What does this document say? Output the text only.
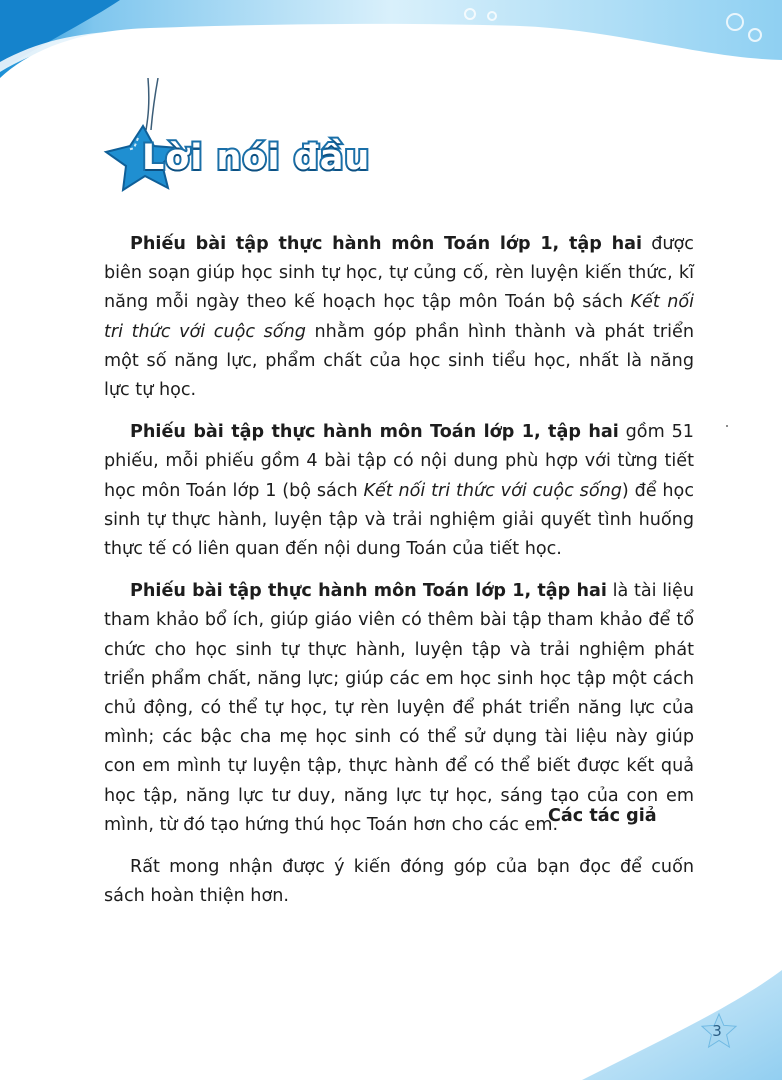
Lời nói đầu

Phiếu bài tập thực hành môn Toán lớp 1, tập hai được biên soạn giúp học sinh tự học, tự củng cố, rèn luyện kiến thức, kĩ năng mỗi ngày theo kế hoạch học tập môn Toán bộ sách Kết nối tri thức với cuộc sống nhằm góp phần hình thành và phát triển một số năng lực, phẩm chất của học sinh tiểu học, nhất là năng lực tự học.

Phiếu bài tập thực hành môn Toán lớp 1, tập hai gồm 51 phiếu, mỗi phiếu gồm 4 bài tập có nội dung phù hợp với từng tiết học môn Toán lớp 1 (bộ sách Kết nối tri thức với cuộc sống) để học sinh tự thực hành, luyện tập và trải nghiệm giải quyết tình huống thực tế có liên quan đến nội dung Toán của tiết học.

Phiếu bài tập thực hành môn Toán lớp 1, tập hai là tài liệu tham khảo bổ ích, giúp giáo viên có thêm bài tập tham khảo để tổ chức cho học sinh tự thực hành, luyện tập và trải nghiệm phát triển phẩm chất, năng lực; giúp các em học sinh học tập một cách chủ động, có thể tự học, tự rèn luyện để phát triển năng lực của mình; các bậc cha mẹ học sinh có thể sử dụng tài liệu này giúp con em mình tự luyện tập, thực hành để có thể biết được kết quả học tập, năng lực tư duy, năng lực tự học, sáng tạo của con em mình, từ đó tạo hứng thú học Toán hơn cho các em.

Rất mong nhận được ý kiến đóng góp của bạn đọc để cuốn sách hoàn thiện hơn.

Các tác giả
3
